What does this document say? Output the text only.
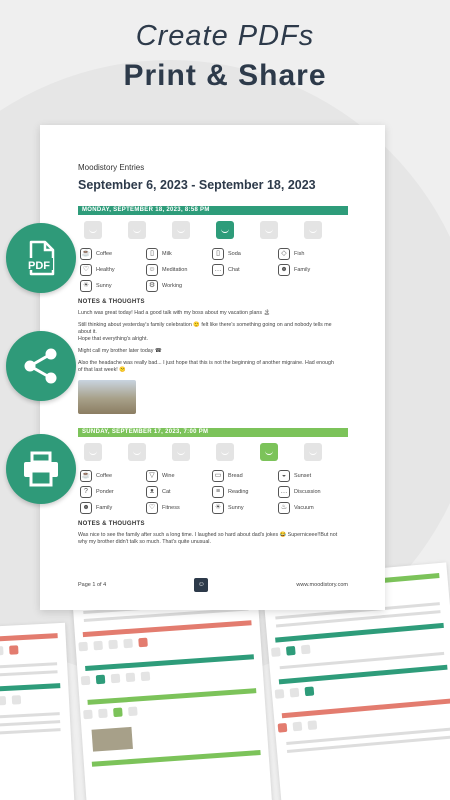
Create PDFs
Print & Share
Moodistory Entries
September 6, 2023 - September 18, 2023
MONDAY, SEPTEMBER 18, 2023, 8:58 PM
☕ Coffee	▯	Milk	▯	Soda	◇	Fish
♡	Healthy	☺	Meditation	…	Chat	☻	Family
☀	Sunny	⚙	Working
NOTES & THOUGHTS
Lunch was great today! Had a good talk with my boss about my vacation plans 🏝
Still thinking about yesterday's family celebration 🙂 felt like there's something going on and nobody tells me about it.
Hope that everything's alright.
Might call my brother later today ☎
Also the headache was really bad... I just hope that this is not the beginning of another migraine. Had enough of that last week! 😕
SUNDAY, SEPTEMBER 17, 2023, 7:00 PM
☕ Coffee	▽	Wine	▭	Bread	◒	Sunset
?	Ponder	ᴥ	Cat	≡	Reading	…	Discussion
☻	Family	♡	Fitness	☀	Sunny	♨	Vacuum
NOTES & THOUGHTS
Was nice to see the family after such a long time. I laughed so hard about dad's jokes 😂 Superniceee!!But not why my brother didn't talk so much. That's quite unusual.
Page 1 of 4	☺	www.moodistory.com
PDF
